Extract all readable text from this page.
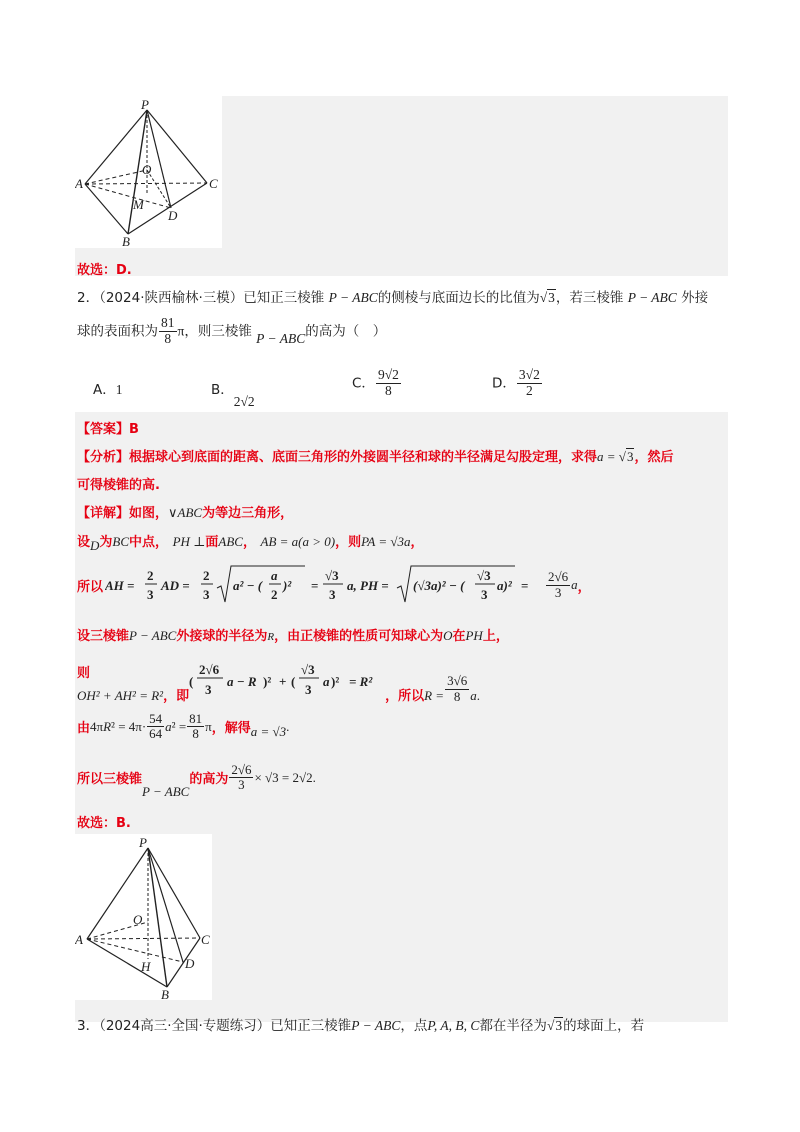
P
O
A	C
M
D
B
故选：D.
2．（2024·陕西榆林·三模）已知正三棱锥 P − ABC的侧棱与底面边长的比值为√3，若三棱锥 P − ABC 外接
球的表面积为 $\frac{81}{8}$ π，则三棱锥 P − ABC的高为（　）
A．1	B．2√2
C． $\frac{9√2}{8}$	D． $\frac{3√2}{2}$
【答案】B
【分析】根据球心到底面的距离、底面三角形的外接圆半径和球的半径满足勾股定理，求得a = √3，然后
可得棱锥的高.
【详解】如图，∨ABC为等边三角形，
设D为BC中点， PH ⊥面ABC， AB = a(a > 0)，则PA = √3a，
所以 AH =
2
3
AD =
2
3
a² − (
a
2
)² =
√3
3
a, PH = (√3a)² − (
√3
3
$a)^2 = \frac{2√6}{3}$ a ，
设三棱锥P − ABC外接球的半径为R，由正棱锥的性质可知球心为O在PH上，
则
OH² + AH² = R² ，即
(
2√6
3
a − R )² + (
√3
3
a )² = R²
，所以 $R = \frac{3√6}{8}$ a .
由 4π R $^2 = 4\pi\cdot \frac{54}{64}$ a $^2 = \frac{81}{8}$ π ，解得 a = √3 .
所以三棱锥
P − ABC
的高为 $\frac{2√6}{3} \times √3 = 2√2$ .
故选：B.
P
O
A	C
H	D
B
3．（2024高三·全国·专题练习）已知正三棱锥P − ABC，点P, A, B, C都在半径为√3的球面上，若
